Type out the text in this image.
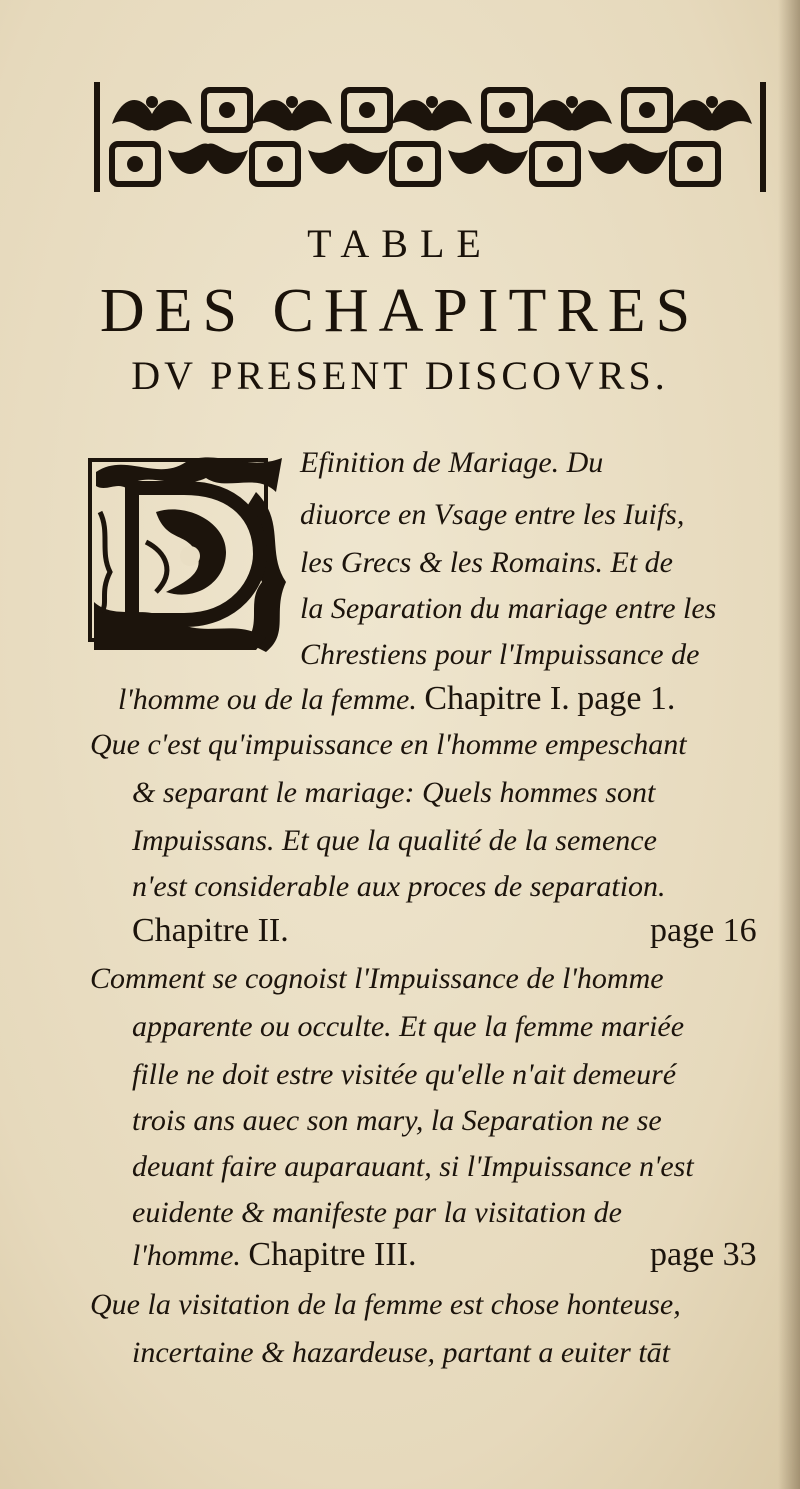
TABLE
DES CHAPITRES
DV PRESENT DISCOVRS.
Efinition de Mariage. Du
diuorce en Vsage entre les Iuifs,
les Grecs & les Romains. Et de
la Separation du mariage entre les
Chrestiens pour l'Impuissance de
l'homme ou de la femme. Chapitre I. page 1.
Que c'est qu'impuissance en l'homme empeschant
& separant le mariage: Quels hommes sont
Impuissans. Et que la qualité de la semence
n'est considerable aux proces de separation.
Chapitre II.	page 16
Comment se cognoist l'Impuissance de l'homme
apparente ou occulte. Et que la femme mariée
fille ne doit estre visitée qu'elle n'ait demeuré
trois ans auec son mary, la Separation ne se
deuant faire auparauant, si l'Impuissance n'est
euidente & manifeste par la visitation de
l'homme. Chapitre III.	page 33
Que la visitation de la femme est chose honteuse,
incertaine & hazardeuse, partant a euiter tāt
